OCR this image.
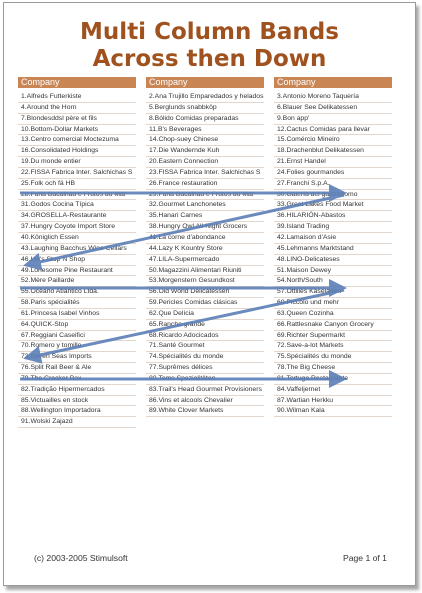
Multi Column Bands
Across then Down
Company
1.Alfreds Futterkiste
4.Around the Horn
7.Blondesddsl père et fils
10.Bottom-Dollar Markets
13.Centro comercial Moctezuma
16.Consolidated Holdings
19.Du monde entier
22.FISSA Fabrica Inter. Salchichas S
25.Folk och fä HB
28.Furia Bacalhau e Frutos do Mar
31.Godos Cocina Típica
34.GROSELLA-Restaurante
37.Hungry Coyote Import Store
40.Königlich Essen
43.Laughing Bacchus Wine Cellars
46.Let's Stop N Shop
49.Lonesome Pine Restaurant
52.Mère Paillarde
55.Océano Atlántico Ltda.
58.Paris spécialités
61.Princesa Isabel Vinhos
64.QUICK-Stop
67.Reggiani Caseifici
70.Romero y tomillo
73.Seven Seas Imports
76.Split Rail Beer & Ale
79.The Cracker Box
82.Tradição Hipermercados
85.Victuailles en stock
88.Wellington Importadora
91.Wolski Zajazd
Company
2.Ana Trujillo Emparedados y helados
5.Berglunds snabbköp
8.Bólido Comidas preparadas
11.B's Beverages
14.Chop-suey Chinese
17.Die Wandernde Kuh
20.Eastern Connection
23.FISSA Fabrica Inter. Salchichas S
26.France restauration
29.Furia Bacalhau e Frutos do Mar
32.Gourmet Lanchonetes
35.Hanari Carnes
38.Hungry Owl All-Night Grocers
41.La corne d'abondance
44.Lazy K Kountry Store
47.LILA-Supermercado
50.Magazzini Alimentari Riuniti
53.Morgenstern Gesundkost
56.Old World Delicatessen
59.Pericles Comidas clásicas
62.Que Delícia
65.Rancho grande
68.Ricardo Adocicados
71.Santé Gourmet
74.Spécialités du monde
77.Suprêmes délices
80.Toms Spezialitäten
83.Trail's Head Gourmet Provisioners
86.Vins et alcools Chevalier
89.White Clover Markets
Company
3.Antonio Moreno Taquería
6.Blauer See Delikatessen
9.Bon app'
12.Cactus Comidas para llevar
15.Comércio Mineiro
18.Drachenblut Delikatessen
21.Ernst Handel
24.Folies gourmandes
27.Franchi S.p.A.
30.Galería del gastrónomo
33.Great Lakes Food Market
36.HILARIÓN-Abastos
39.Island Trading
42.Lamaison d'Asie
45.Lehmanns Marktstand
48.LINO-Delicateses
51.Maison Dewey
54.North/South
57.Ottilies Käseladen
60.Piccolo und mehr
63.Queen Cozinha
66.Rattlesnake Canyon Grocery
69.Richter Supermarkt
72.Save-a-lot Markets
75.Spécialités du monde
78.The Big Cheese
81.Tortuga Restaurante
84.Vaffeljernet
87.Wartian Herkku
90.Wilman Kala
(c) 2003-2005 Stimulsoft	Page 1 of 1
